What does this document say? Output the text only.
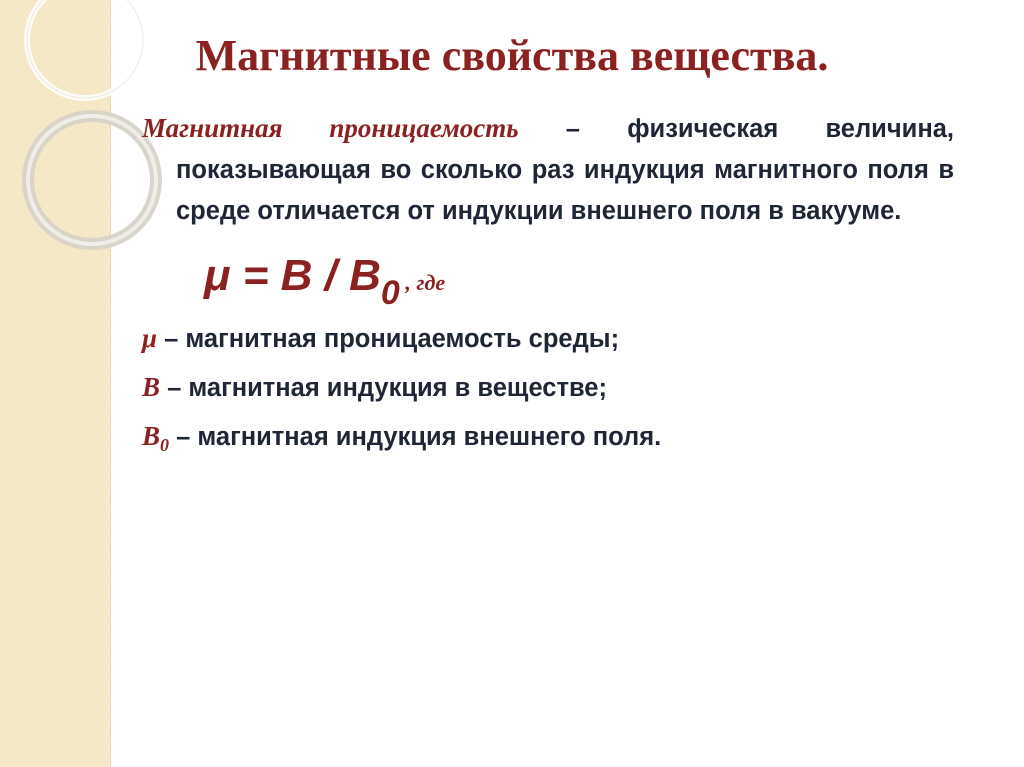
Магнитные свойства вещества.

Магнитная проницаемость – физическая величина, показывающая во сколько раз индукция магнитного поля в среде отличается от индукции внешнего поля в вакууме.

$\mu = B / B_0$ , где
μ – магнитная проницаемость среды;
B – магнитная индукция в веществе;
$B_0$ – магнитная индукция внешнего поля.
